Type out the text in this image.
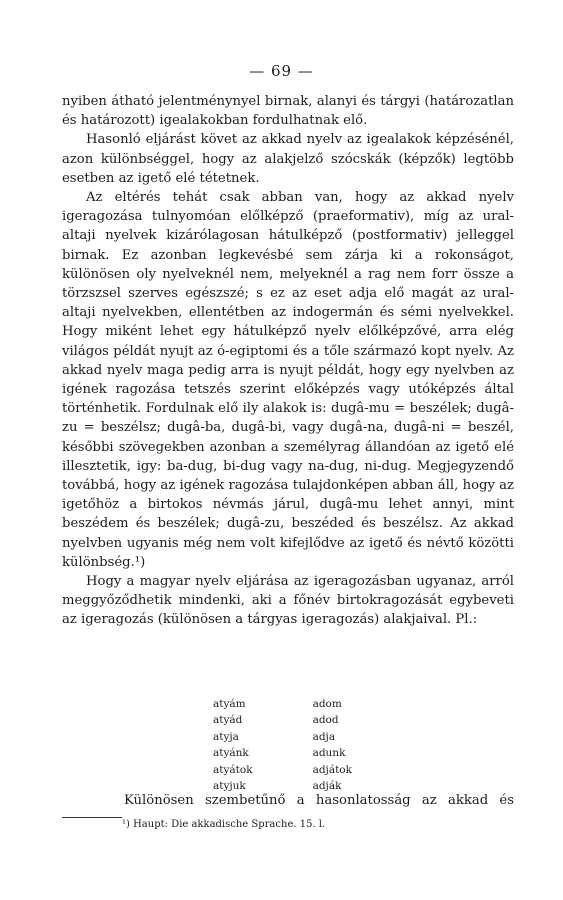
— 69 —

nyiben átható jelentménynyel birnak, alanyi és tárgyi (határozatlan és határozott) igealakokban fordulhatnak elő.

Hasonló eljárást követ az akkad nyelv az igealakok képzésénél, azon különbséggel, hogy az alakjelző szócskák (képzők) legtöbb esetben az igető elé tétetnek.

Az eltérés tehát csak abban van, hogy az akkad nyelv igeragozása tulnyomóan előlképző (praeformativ), míg az ural-altaji nyelvek kizárólagosan hátulképző (postformativ) jelleggel birnak. Ez azonban legkevésbé sem zárja ki a rokonságot, különösen oly nyelveknél nem, melyeknél a rag nem forr össze a törzszsel szerves egészszé; s ez az eset adja elő magát az ural-altaji nyelvekben, ellentétben az indogermán és sémi nyelvekkel. Hogy miként lehet egy hátulképző nyelv előlképzővé, arra elég világos példát nyujt az ó-egiptomi és a tőle származó kopt nyelv. Az akkad nyelv maga pedig arra is nyujt példát, hogy egy nyelvben az igének ragozása tetszés szerint előképzés vagy utóképzés által történhetik. Fordulnak elő ily alakok is: dugâ-mu = beszélek; dugâ-zu = beszélsz; dugâ-ba, dugâ-bi, vagy dugâ-na, dugâ-ni = beszél, későbbi szövegekben azonban a személyrag állandóan az igető elé illesztetik, igy: ba-dug, bi-dug vagy na-dug, ni-dug. Megjegyzendő továbbá, hogy az igének ragozása tulajdonképen abban áll, hogy az igetőhöz a birtokos névmás járul, dugâ-mu lehet annyi, mint beszédem és beszélek; dugâ-zu, beszéded és beszélsz. Az akkad nyelvben ugyanis még nem volt kifejlődve az igető és névtő közötti különbség.¹)

Hogy a magyar nyelv eljárása az igeragozásban ugyanaz, arról meggyőződhetik mindenki, aki a főnév birtokragozását egybeveti az igeragozás (különösen a tárgyas igeragozás) alakjaival. Pl.:

atyám
atyád
atyja
atyánk
atyátok
atyjuk
adom
adod
adja
adunk
adjátok
adják
Különösen szembetűnő a hasonlatosság az akkad és
¹) Haupt: Die akkadische Sprache. 15. l.
